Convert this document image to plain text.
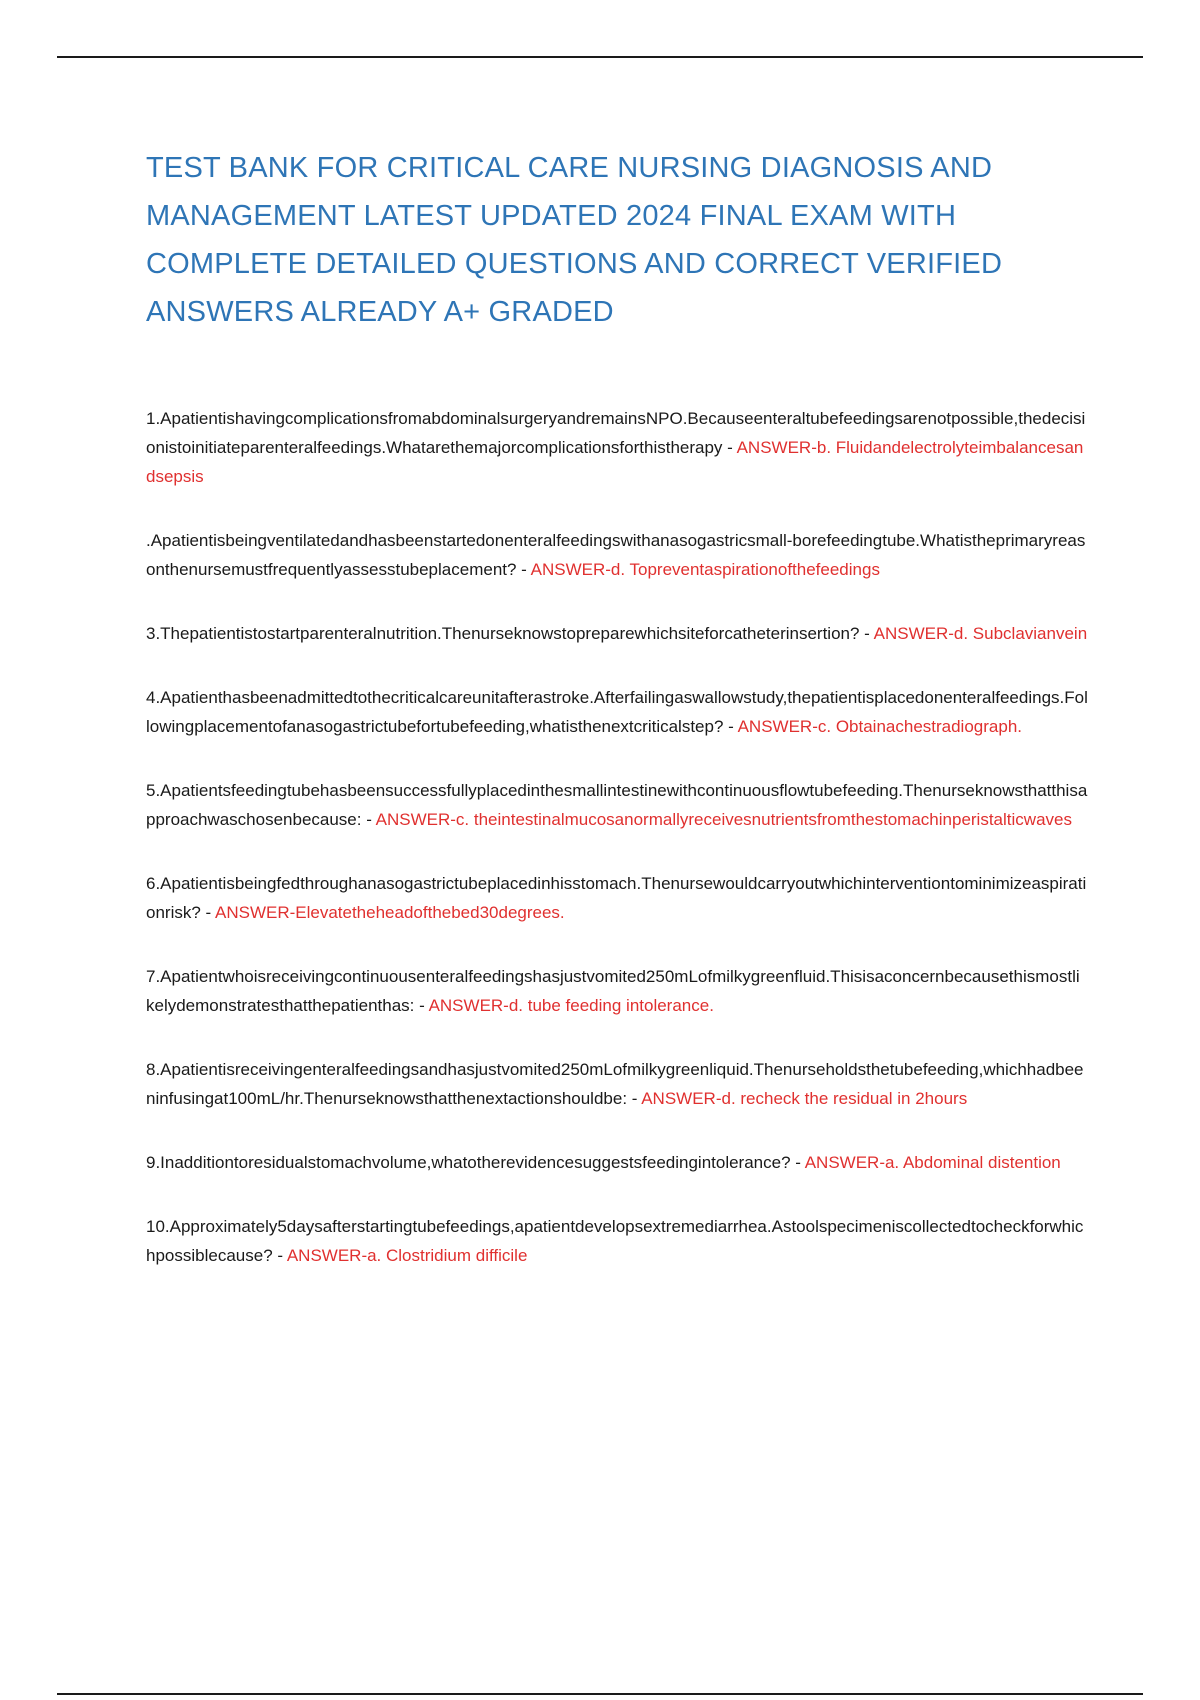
TEST BANK FOR CRITICAL CARE NURSING DIAGNOSIS AND MANAGEMENT LATEST UPDATED 2024 FINAL EXAM WITH COMPLETE DETAILED QUESTIONS AND CORRECT VERIFIED ANSWERS ALREADY A+ GRADED
1.ApatientishavingcomplicationsfromabdominalsurgeryandremainsNPO.Becauseenteraltubefeedingsarenotpossible,thedecisionistoinitiateparenteralfeedings.Whatarethemajorcomplicationsforthistherapy - ANSWER-b. Fluidandelectrolyteimbalancesandsepsis
.Apatientisbeingventilatedandhasbeenstartedonenteralfeedingswithanasogastricsmall-borefeedingtube.Whatistheprimaryreasonthenursemustfrequentlyassesstubeplacement? - ANSWER-d. Topreventaspirationofthefeedings
3.Thepatientistostartparenteralnutrition.Thenurseknowstopreparewhichsiteforcatheterinsertion? - ANSWER-d. Subclavianvein
4.Apatienthasbeenadmittedtothecriticalcareunitafterastroke.Afterfailingaswallowstudy,thepatientisplacedonenteralfeedings.Followingplacementofanasogastrictubefortubefeeding,whatisthenextcriticalstep? - ANSWER-c. Obtainachestradiograph.
5.Apatientsfeedingtubehasbeensuccessfullyplacedinthesmallintestinewithcontinuousflowtubefeeding.Thenurseknowsthatthisapproachwaschosenbecause: - ANSWER-c. theintestinalmucosanormallyreceivesnutrientsfromthestomachinperistalticwaves
6.Apatientisbeingfedthroughanasogastrictubeplacedinhisstomach.Thenursewouldcarryoutwhichinterventiontominimizeaspirationrisk? - ANSWER-Elevatetheheadofthebed30degrees.
7.Apatientwhoisreceivingcontinuousenteralfeedingshasjustvomited250mLofmilkygreenfluid.Thisisaconcernbecausethismostlikelydemonstratesthatthepatienthas: - ANSWER-d. tube feeding intolerance.
8.Apatientisreceivingenteralfeedingsandhasjustvomited250mLofmilkygreenliquid.Thenurseholdsthetubefeeding,whichhadbeeninfusingat100mL/hr.Thenurseknowsthatthenextactionshouldbe: - ANSWER-d. recheck the residual in 2hours
9.Inadditiontoresidualstomachvolume,whatotherevidencesuggestsfeedingintolerance? - ANSWER-a. Abdominal distention
10.Approximately5daysafterstartingtubefeedings,apatientdevelopsextremediarrhea.Astoolspecimeniscollectedtocheckforwhichpossiblecause? - ANSWER-a. Clostridium difficile
